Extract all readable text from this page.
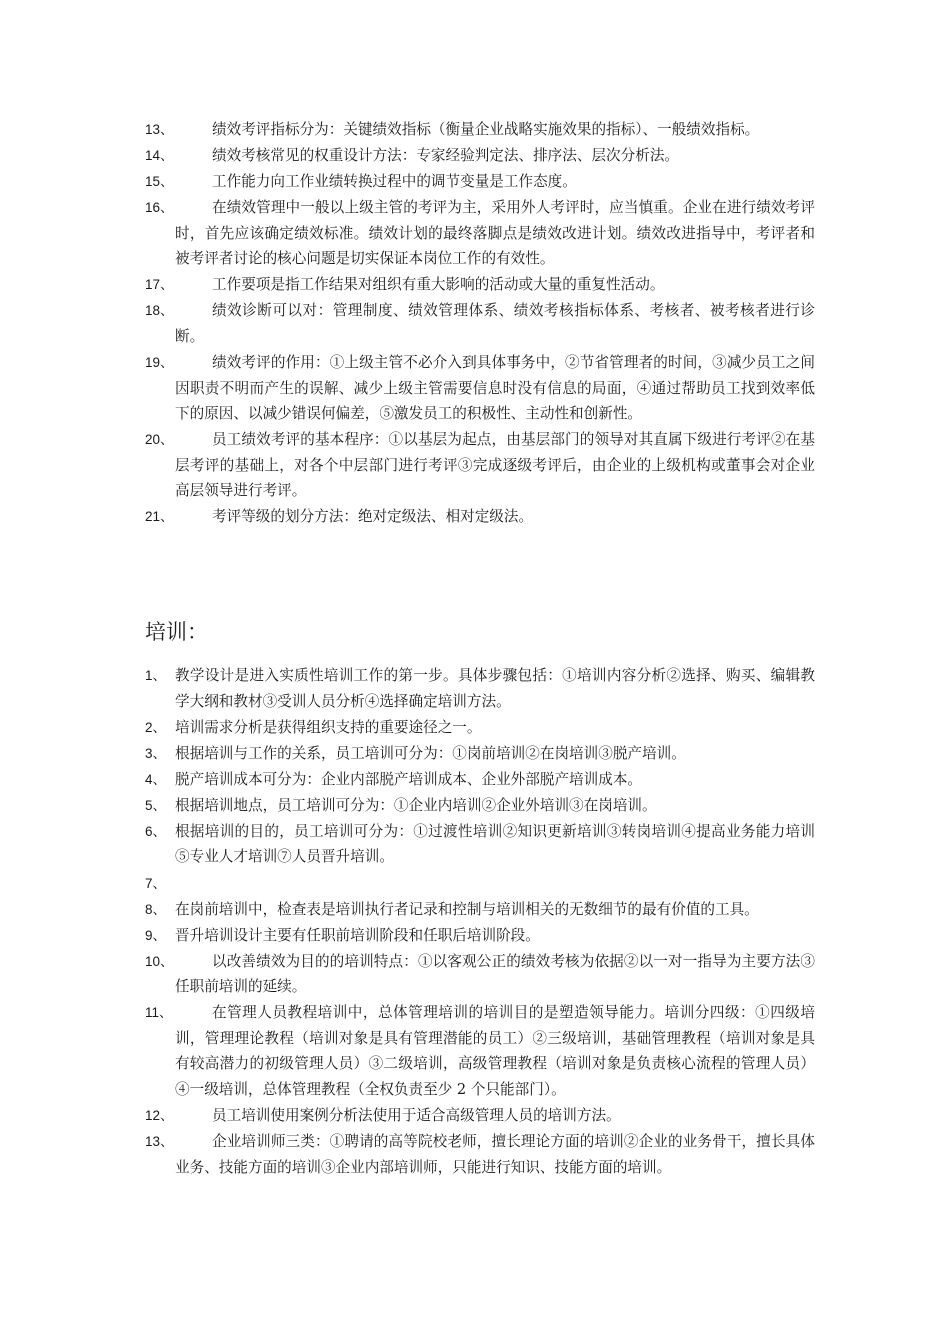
13、	绩效考评指标分为：关键绩效指标（衡量企业战略实施效果的指标）、一般绩效指标。
14、	绩效考核常见的权重设计方法：专家经验判定法、排序法、层次分析法。
15、	工作能力向工作业绩转换过程中的调节变量是工作态度。
16、	在绩效管理中一般以上级主管的考评为主，采用外人考评时，应当慎重。企业在进行绩效考评时，首先应该确定绩效标准。绩效计划的最终落脚点是绩效改进计划。绩效改进指导中，考评者和被考评者讨论的核心问题是切实保证本岗位工作的有效性。
17、	工作要项是指工作结果对组织有重大影响的活动或大量的重复性活动。
18、	绩效诊断可以对：管理制度、绩效管理体系、绩效考核指标体系、考核者、被考核者进行诊断。
19、	绩效考评的作用：①上级主管不必介入到具体事务中，②节省管理者的时间，③减少员工之间因职责不明而产生的误解、减少上级主管需要信息时没有信息的局面，④通过帮助员工找到效率低下的原因、以减少错误何偏差，⑤激发员工的积极性、主动性和创新性。
20、	员工绩效考评的基本程序：①以基层为起点，由基层部门的领导对其直属下级进行考评②在基层考评的基础上，对各个中层部门进行考评③完成逐级考评后，由企业的上级机构或董事会对企业高层领导进行考评。
21、	考评等级的划分方法：绝对定级法、相对定级法。
培训：
1、 教学设计是进入实质性培训工作的第一步。具体步骤包括：①培训内容分析②选择、购买、编辑教学大纲和教材③受训人员分析④选择确定培训方法。
2、 培训需求分析是获得组织支持的重要途径之一。
3、 根据培训与工作的关系，员工培训可分为：①岗前培训②在岗培训③脱产培训。
4、 脱产培训成本可分为：企业内部脱产培训成本、企业外部脱产培训成本。
5、 根据培训地点，员工培训可分为：①企业内培训②企业外培训③在岗培训。
6、 根据培训的目的，员工培训可分为：①过渡性培训②知识更新培训③转岗培训④提高业务能力培训⑤专业人才培训⑦人员晋升培训。
7、
8、 在岗前培训中，检查表是培训执行者记录和控制与培训相关的无数细节的最有价值的工具。
9、 晋升培训设计主要有任职前培训阶段和任职后培训阶段。
10、	以改善绩效为目的的培训特点：①以客观公正的绩效考核为依据②以一对一指导为主要方法③任职前培训的延续。
11、	在管理人员教程培训中，总体管理培训的培训目的是塑造领导能力。培训分四级：①四级培训，管理理论教程（培训对象是具有管理潜能的员工）②三级培训，基础管理教程（培训对象是具有较高潜力的初级管理人员）③二级培训，高级管理教程（培训对象是负责核心流程的管理人员）④一级培训，总体管理教程（全权负责至少 2 个只能部门）。
12、	员工培训使用案例分析法使用于适合高级管理人员的培训方法。
13、	企业培训师三类：①聘请的高等院校老师，擅长理论方面的培训②企业的业务骨干，擅长具体业务、技能方面的培训③企业内部培训师，只能进行知识、技能方面的培训。
